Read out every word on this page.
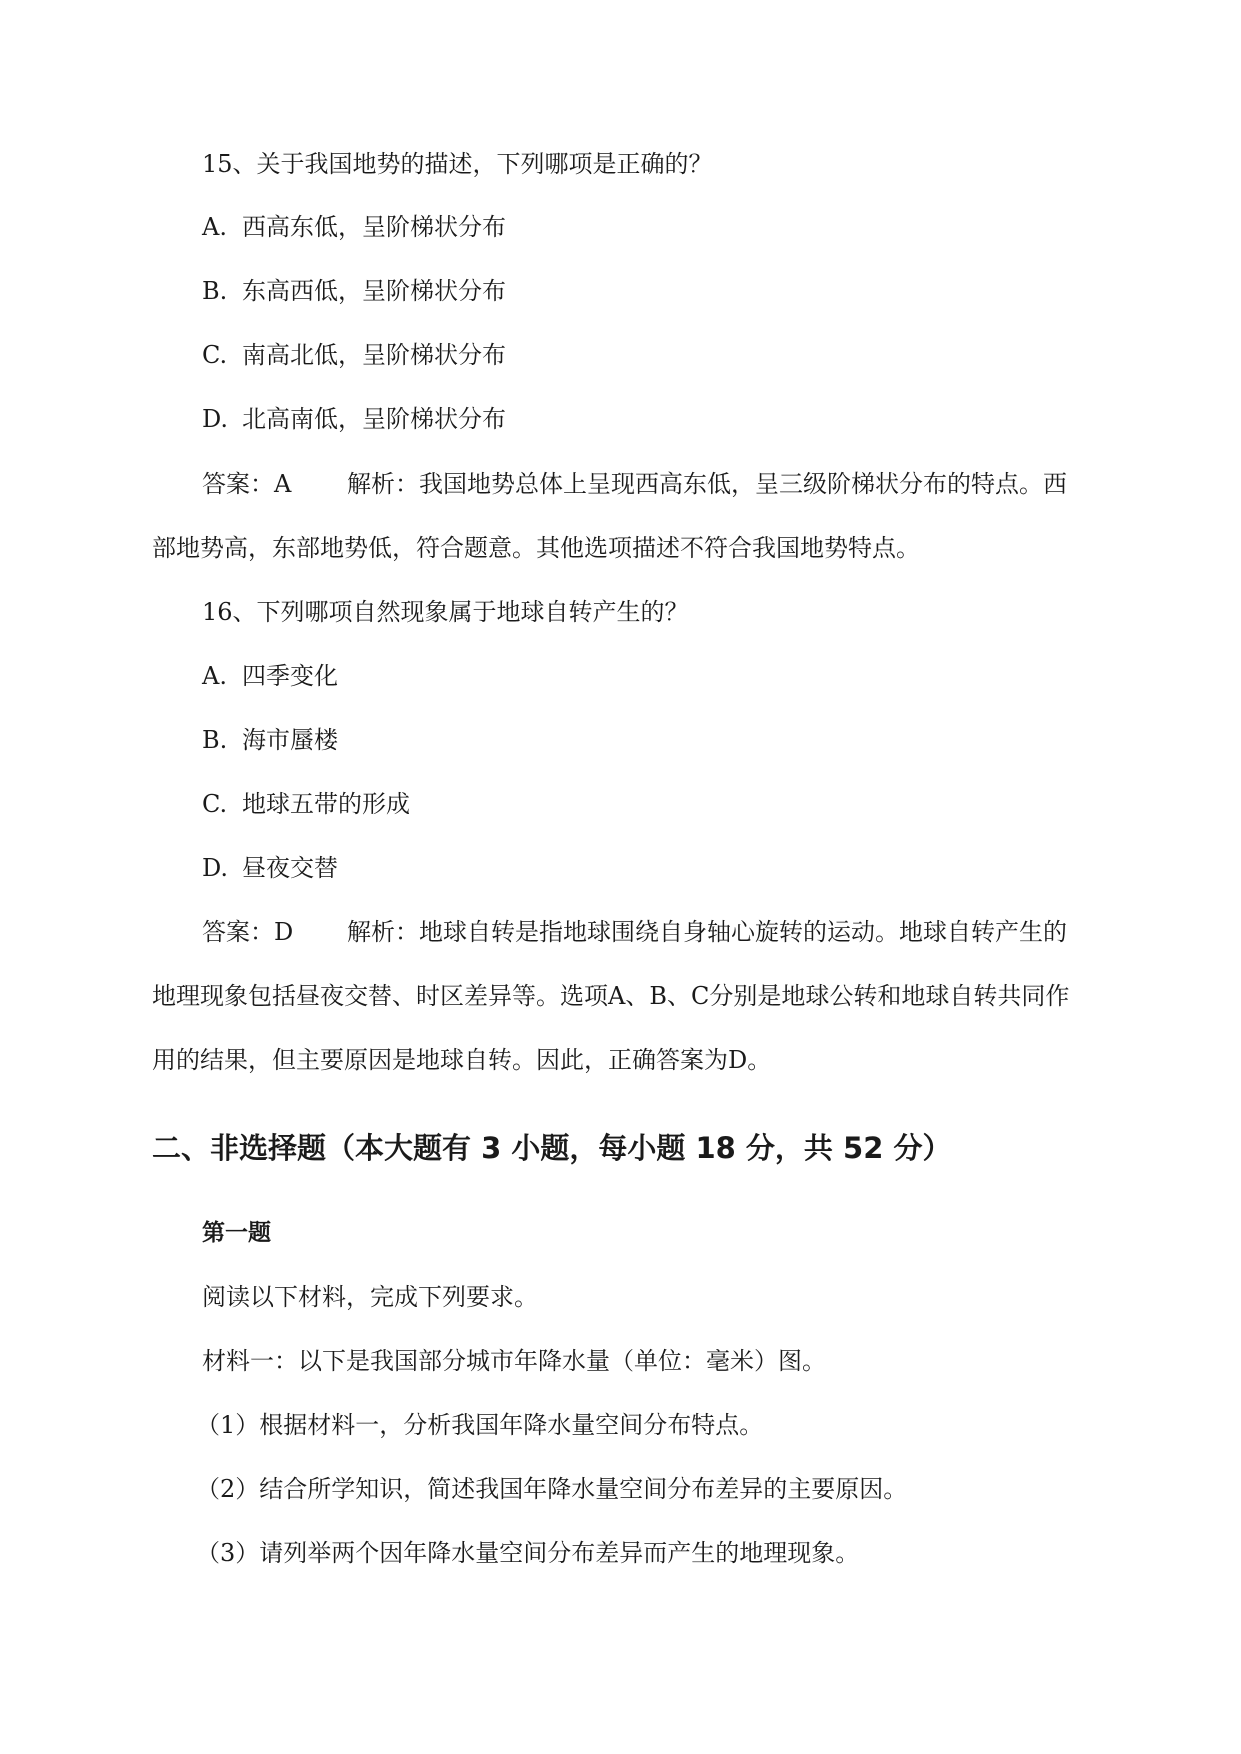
15、关于我国地势的描述，下列哪项是正确的？
A. 西高东低，呈阶梯状分布
B. 东高西低，呈阶梯状分布
C. 南高北低，呈阶梯状分布
D. 北高南低，呈阶梯状分布
答案：A 解析：我国地势总体上呈现西高东低，呈三级阶梯状分布的特点。西
部地势高，东部地势低，符合题意。其他选项描述不符合我国地势特点。
16、下列哪项自然现象属于地球自转产生的？
A. 四季变化
B. 海市蜃楼
C. 地球五带的形成
D. 昼夜交替
答案：D 解析：地球自转是指地球围绕自身轴心旋转的运动。地球自转产生的
地理现象包括昼夜交替、时区差异等。选项A、B、C分别是地球公转和地球自转共同作
用的结果，但主要原因是地球自转。因此，正确答案为D。
二、非选择题（本大题有 3 小题，每小题 18 分，共 52 分）
第一题
阅读以下材料，完成下列要求。
材料一：以下是我国部分城市年降水量（单位：毫米）图。
（1）根据材料一，分析我国年降水量空间分布特点。
（2）结合所学知识，简述我国年降水量空间分布差异的主要原因。
（3）请列举两个因年降水量空间分布差异而产生的地理现象。
